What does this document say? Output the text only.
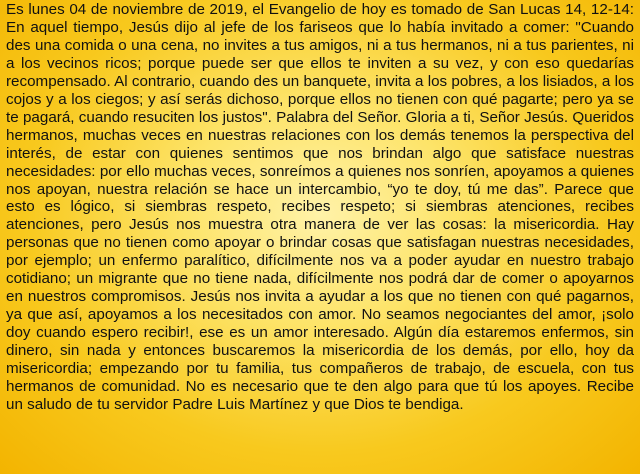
Es lunes 04 de noviembre de 2019, el Evangelio de hoy es tomado de San Lucas 14, 12-14: En aquel tiempo, Jesús dijo al jefe de los fariseos que lo había invitado a comer: "Cuando des una comida o una cena, no invites a tus amigos, ni a tus hermanos, ni a tus parientes, ni a los vecinos ricos; porque puede ser que ellos te inviten a su vez, y con eso quedarías recompensado. Al contrario, cuando des un banquete, invita a los pobres, a los lisiados, a los cojos y a los ciegos; y así serás dichoso, porque ellos no tienen con qué pagarte; pero ya se te pagará, cuando resuciten los justos". Palabra del Señor. Gloria a ti, Señor Jesús. Queridos hermanos, muchas veces en nuestras relaciones con los demás tenemos la perspectiva del interés, de estar con quienes sentimos que nos brindan algo que satisface nuestras necesidades: por ello muchas veces, sonreímos a quienes nos sonríen, apoyamos a quienes nos apoyan, nuestra relación se hace un intercambio, “yo te doy, tú me das”. Parece que esto es lógico, si siembras respeto, recibes respeto; si siembras atenciones, recibes atenciones, pero Jesús nos muestra otra manera de ver las cosas: la misericordia. Hay personas que no tienen como apoyar o brindar cosas que satisfagan nuestras necesidades, por ejemplo; un enfermo paralítico, difícilmente nos va a poder ayudar en nuestro trabajo cotidiano; un migrante que no tiene nada, difícilmente nos podrá dar de comer o apoyarnos en nuestros compromisos. Jesús nos invita a ayudar a los que no tienen con qué pagarnos, ya que así, apoyamos a los necesitados con amor. No seamos negociantes del amor, ¡solo doy cuando espero recibir!, ese es un amor interesado. Algún día estaremos enfermos, sin dinero, sin nada y entonces buscaremos la misericordia de los demás, por ello, hoy da misericordia; empezando por tu familia, tus compañeros de trabajo, de escuela, con tus hermanos de comunidad. No es necesario que te den algo para que tú los apoyes. Recibe un saludo de tu servidor Padre Luis Martínez y que Dios te bendiga.
